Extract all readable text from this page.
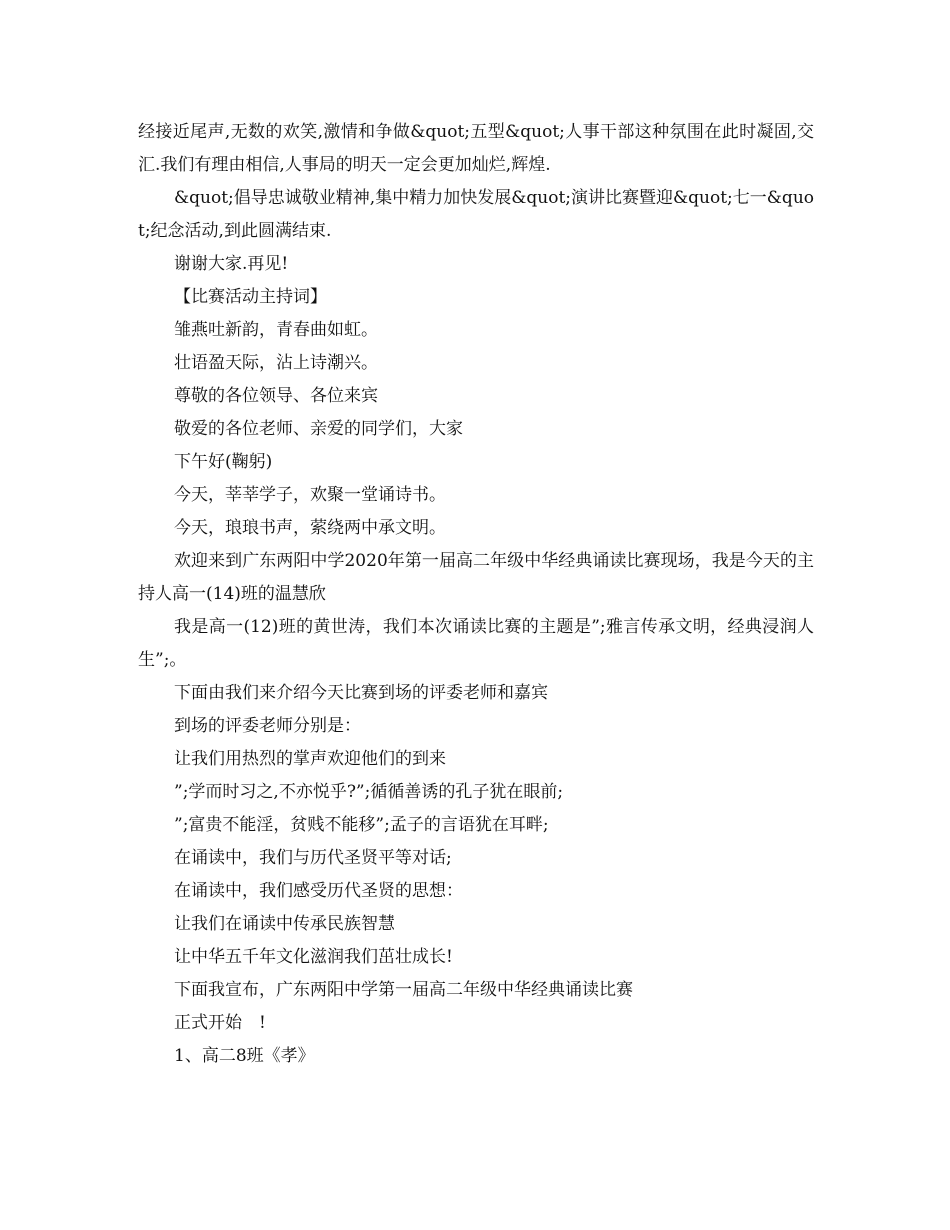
经接近尾声,无数的欢笑,激情和争做&quot;五型&quot;人事干部这种氛围在此时凝固,交汇.我们有理由相信,人事局的明天一定会更加灿烂,辉煌.

&quot;倡导忠诚敬业精神,集中精力加快发展&quot;演讲比赛暨迎&quot;七一&quot;纪念活动,到此圆满结束.

谢谢大家.再见!

【比赛活动主持词】

雏燕吐新韵，青春曲如虹。

壮语盈天际，沾上诗潮兴。

尊敬的各位领导、各位来宾

敬爱的各位老师、亲爱的同学们，大家

下午好(鞠躬)

今天，莘莘学子，欢聚一堂诵诗书。

今天，琅琅书声，萦绕两中承文明。

欢迎来到广东两阳中学2020年第一届高二年级中华经典诵读比赛现场，我是今天的主持人高一(14)班的温慧欣

我是高一(12)班的黄世涛，我们本次诵读比赛的主题是”;雅言传承文明，经典浸润人生”;。

下面由我们来介绍今天比赛到场的评委老师和嘉宾

到场的评委老师分别是：

让我们用热烈的掌声欢迎他们的到来

”;学而时习之,不亦悦乎?”;循循善诱的孔子犹在眼前;

”;富贵不能淫，贫贱不能移”;孟子的言语犹在耳畔;

在诵读中，我们与历代圣贤平等对话;

在诵读中，我们感受历代圣贤的思想：

让我们在诵读中传承民族智慧

让中华五千年文化滋润我们茁壮成长!

下面我宣布，广东两阳中学第一届高二年级中华经典诵读比赛

正式开始　!

1、高二8班《孝》
